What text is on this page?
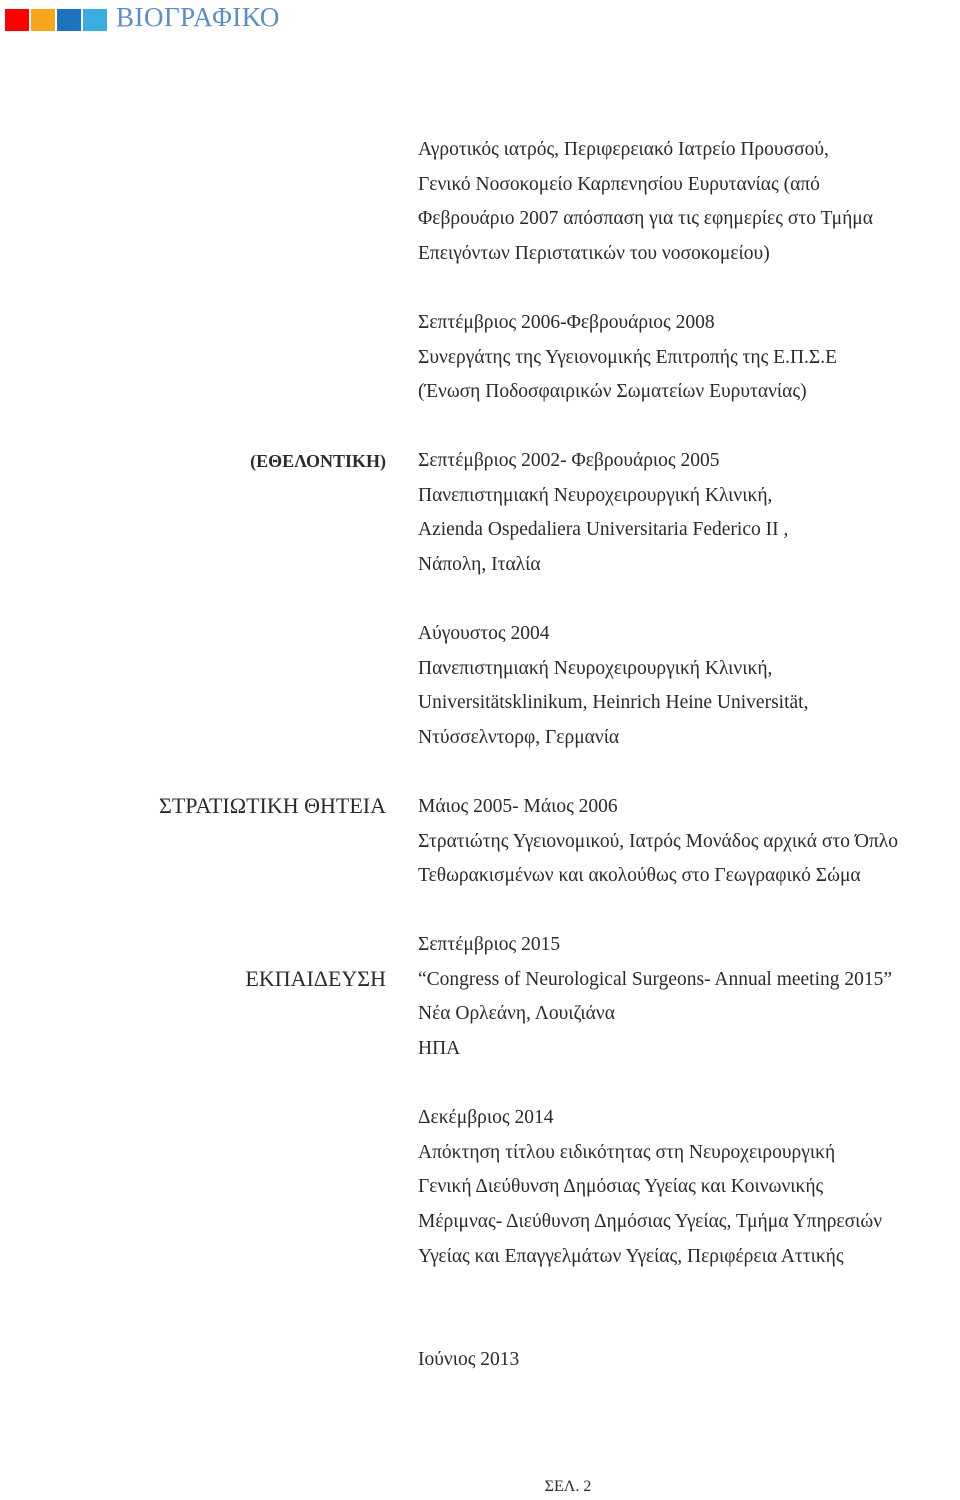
ΒΙΟΓΡΑΦΙΚΟ
Αγροτικός ιατρός, Περιφερειακό Ιατρείο Προυσσού,
Γενικό Νοσοκομείο Καρπενησίου Ευρυτανίας (από
Φεβρουάριο 2007 απόσπαση για τις εφημερίες στο Τμήμα
Επειγόντων Περιστατικών του νοσοκομείου)
Σεπτέμβριος 2006-Φεβρουάριος 2008
Συνεργάτης της Υγειονομικής Επιτροπής της Ε.Π.Σ.Ε
(Ένωση Ποδοσφαιρικών Σωματείων Ευρυτανίας)
(ΕΘΕΛΟΝΤΙΚΗ) Σεπτέμβριος 2002- Φεβρουάριος 2005
Πανεπιστημιακή Νευροχειρουργική Κλινική,
Azienda Ospedaliera Universitaria Federico II ,
Νάπολη, Ιταλία
Αύγουστος 2004
Πανεπιστημιακή Νευροχειρουργική Κλινική,
Universitätsklinikum, Heinrich Heine Universität,
Ντύσσελντορφ, Γερμανία
ΣΤΡΑΤΙΩΤΙΚΗ ΘΗΤΕΙΑ Μάιος 2005- Μάιος 2006
Στρατιώτης Υγειονομικού, Ιατρός Μονάδος αρχικά στο Όπλο
Τεθωρακισμένων και ακολούθως στο Γεωγραφικό Σώμα
ΕΚΠΑΙΔΕΥΣΗ
Σεπτέμβριος 2015
“Congress of Neurological Surgeons- Annual meeting 2015”
Νέα Ορλεάνη, Λουιζιάνα
ΗΠΑ
Δεκέμβριος 2014
Απόκτηση τίτλου ειδικότητας στη Νευροχειρουργική
Γενική Διεύθυνση Δημόσιας Υγείας και Κοινωνικής
Μέριμνας- Διεύθυνση Δημόσιας Υγείας, Τμήμα Υπηρεσιών
Υγείας και Επαγγελμάτων Υγείας, Περιφέρεια Αττικής
Ιούνιος 2013
ΣΕΛ. 2
